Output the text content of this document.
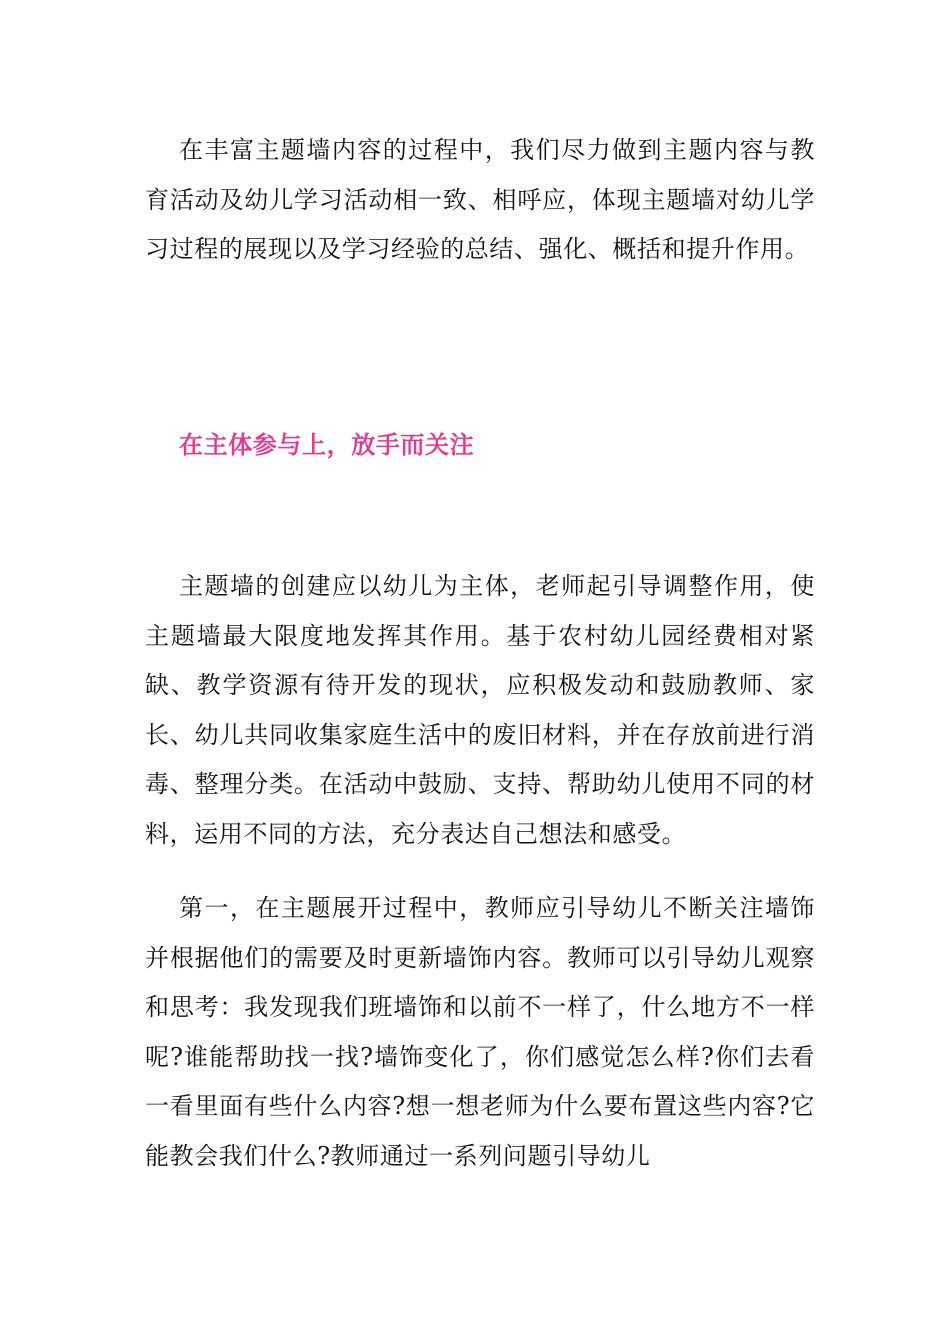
在丰富主题墙内容的过程中，我们尽力做到主题内容与教育活动及幼儿学习活动相一致、相呼应，体现主题墙对幼儿学习过程的展现以及学习经验的总结、强化、概括和提升作用。

在主体参与上，放手而关注

主题墙的创建应以幼儿为主体，老师起引导调整作用，使主题墙最大限度地发挥其作用。基于农村幼儿园经费相对紧缺、教学资源有待开发的现状，应积极发动和鼓励教师、家长、幼儿共同收集家庭生活中的废旧材料，并在存放前进行消毒、整理分类。在活动中鼓励、支持、帮助幼儿使用不同的材料，运用不同的方法，充分表达自己想法和感受。

第一，在主题展开过程中，教师应引导幼儿不断关注墙饰并根据他们的需要及时更新墙饰内容。教师可以引导幼儿观察和思考：我发现我们班墙饰和以前不一样了，什么地方不一样呢?谁能帮助找一找?墙饰变化了，你们感觉怎么样?你们去看一看里面有些什么内容?想一想老师为什么要布置这些内容?它能教会我们什么?教师通过一系列问题引导幼儿
